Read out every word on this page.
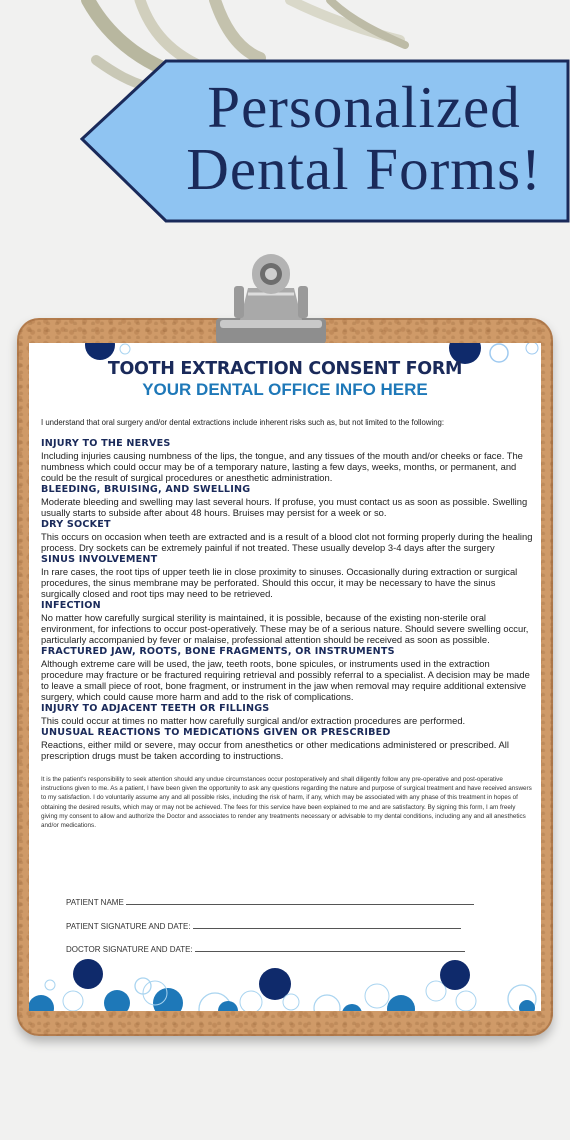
Personalized
Dental Forms!
TOOTH EXTRACTION CONSENT FORM
YOUR DENTAL OFFICE INFO HERE
I understand that oral surgery and/or dental extractions include inherent risks such as, but not limited to the following:
INJURY TO THE NERVES
Including injuries causing numbness of the lips, the tongue, and any tissues of the mouth and/or cheeks or face. The numbness which could occur may be of a temporary nature, lasting a few days, weeks, months, or permanent, and could be the result of surgical procedures or anesthetic administration.
BLEEDING, BRUISING, AND SWELLING
Moderate bleeding and swelling may last several hours. If profuse, you must contact us as soon as possible. Swelling usually starts to subside after about 48 hours. Bruises may persist for a week or so.
DRY SOCKET
This occurs on occasion when teeth are extracted and is a result of a blood clot not forming properly during the healing process. Dry sockets can be extremely painful if not treated. These usually develop 3-4 days after the surgery
SINUS INVOLVEMENT
In rare cases, the root tips of upper teeth lie in close proximity to sinuses. Occasionally during extraction or surgical procedures, the sinus membrane may be perforated. Should this occur, it may be necessary to have the sinus surgically closed and root tips may need to be retrieved.
INFECTION
No matter how carefully surgical sterility is maintained, it is possible, because of the existing non-sterile oral environment, for infections to occur post-operatively. These may be of a serious nature. Should severe swelling occur, particularly accompanied by fever or malaise, professional attention should be received as soon as possible.
FRACTURED JAW, ROOTS, BONE FRAGMENTS, OR INSTRUMENTS
Although extreme care will be used, the jaw, teeth roots, bone spicules, or instruments used in the extraction procedure may fracture or be fractured requiring retrieval and possibly referral to a specialist. A decision may be made to leave a small piece of root, bone fragment, or instrument in the jaw when removal may require additional extensive surgery, which could cause more harm and add to the risk of complications.
INJURY TO ADJACENT TEETH OR FILLINGS
This could occur at times no matter how carefully surgical and/or extraction procedures are performed.
UNUSUAL REACTIONS TO MEDICATIONS GIVEN OR PRESCRIBED
Reactions, either mild or severe, may occur from anesthetics or other medications administered or prescribed. All prescription drugs must be taken according to instructions.
It is the patient's responsibility to seek attention should any undue circumstances occur postoperatively and shall diligently follow any pre-operative and post-operative instructions given to me. As a patient, I have been given the opportunity to ask any questions regarding the nature and purpose of surgical treatment and have received answers to my satisfaction. I do voluntarily assume any and all possible risks, including the risk of harm, if any, which may be associated with any phase of this treatment in hopes of obtaining the desired results, which may or may not be achieved. The fees for this service have been explained to me and are satisfactory. By signing this form, I am freely giving my consent to allow and authorize the Doctor and associates to render any treatments necessary or advisable to my dental conditions, including any and all anesthetics and/or medications.
PATIENT NAME
PATIENT SIGNATURE AND DATE:
DOCTOR SIGNATURE AND DATE:
